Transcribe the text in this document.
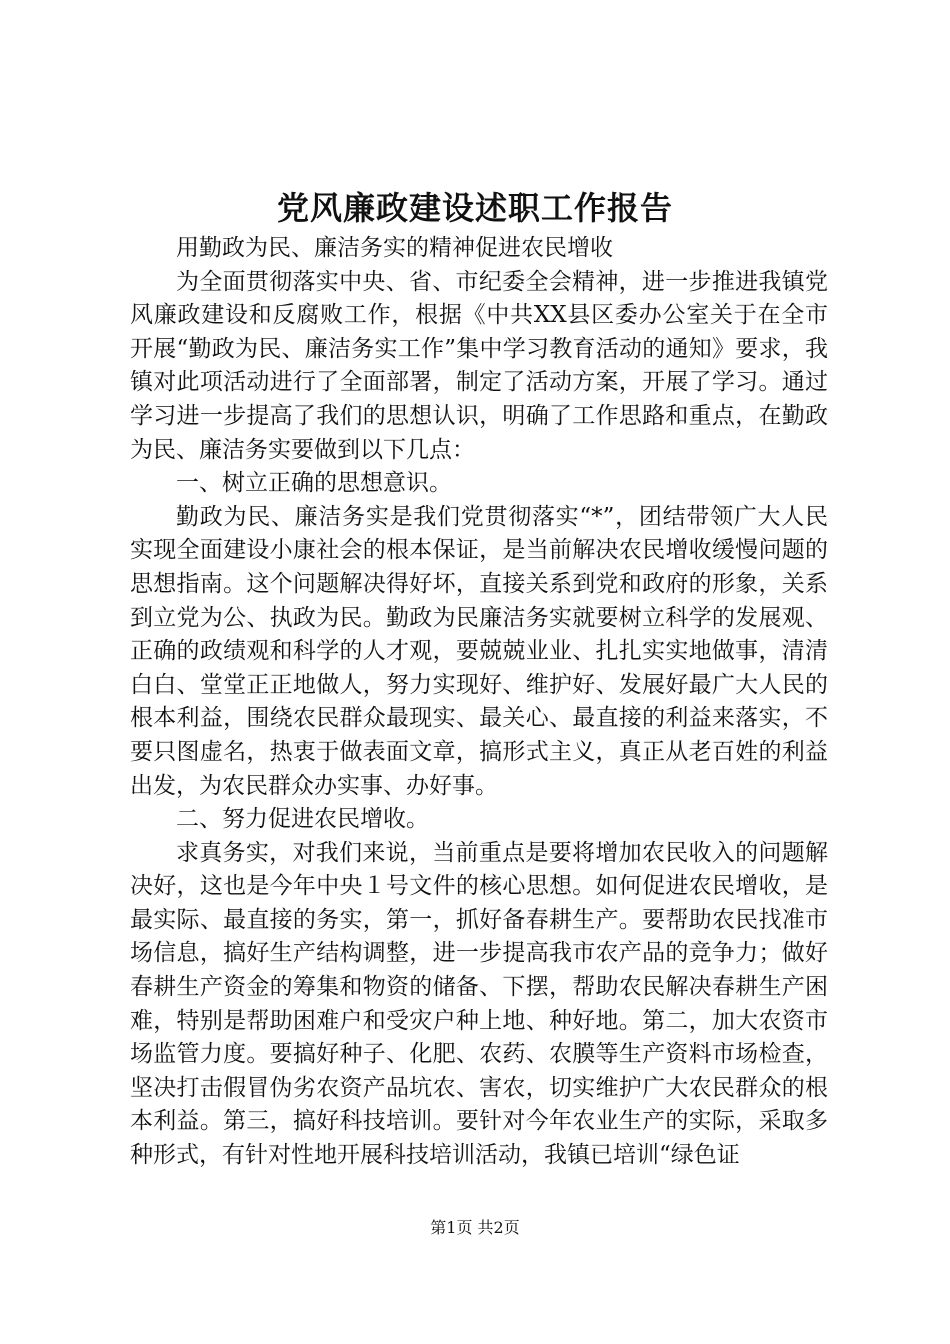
党风廉政建设述职工作报告

用勤政为民、廉洁务实的精神促进农民增收

为全面贯彻落实中央、省、市纪委全会精神，进一步推进我镇党风廉政建设和反腐败工作，根据《中共XX县区委办公室关于在全市开展“勤政为民、廉洁务实工作”集中学习教育活动的通知》要求，我镇对此项活动进行了全面部署，制定了活动方案，开展了学习。通过学习进一步提高了我们的思想认识，明确了工作思路和重点，在勤政为民、廉洁务实要做到以下几点：

一、树立正确的思想意识。

勤政为民、廉洁务实是我们党贯彻落实“*”，团结带领广大人民实现全面建设小康社会的根本保证，是当前解决农民增收缓慢问题的思想指南。这个问题解决得好坏，直接关系到党和政府的形象，关系到立党为公、执政为民。勤政为民廉洁务实就要树立科学的发展观、正确的政绩观和科学的人才观，要兢兢业业、扎扎实实地做事，清清白白、堂堂正正地做人，努力实现好、维护好、发展好最广大人民的根本利益，围绕农民群众最现实、最关心、最直接的利益来落实，不要只图虚名，热衷于做表面文章，搞形式主义，真正从老百姓的利益出发，为农民群众办实事、办好事。

二、努力促进农民增收。

求真务实，对我们来说，当前重点是要将增加农民收入的问题解决好，这也是今年中央１号文件的核心思想。如何促进农民增收，是最实际、最直接的务实，第一，抓好备春耕生产。要帮助农民找准市场信息，搞好生产结构调整，进一步提高我市农产品的竞争力；做好春耕生产资金的筹集和物资的储备、下摆，帮助农民解决春耕生产困难，特别是帮助困难户和受灾户种上地、种好地。第二，加大农资市场监管力度。要搞好种子、化肥、农药、农膜等生产资料市场检查，坚决打击假冒伪劣农资产品坑农、害农，切实维护广大农民群众的根本利益。第三，搞好科技培训。要针对今年农业生产的实际，采取多种形式，有针对性地开展科技培训活动，我镇已培训“绿色证

第1页 共2页
